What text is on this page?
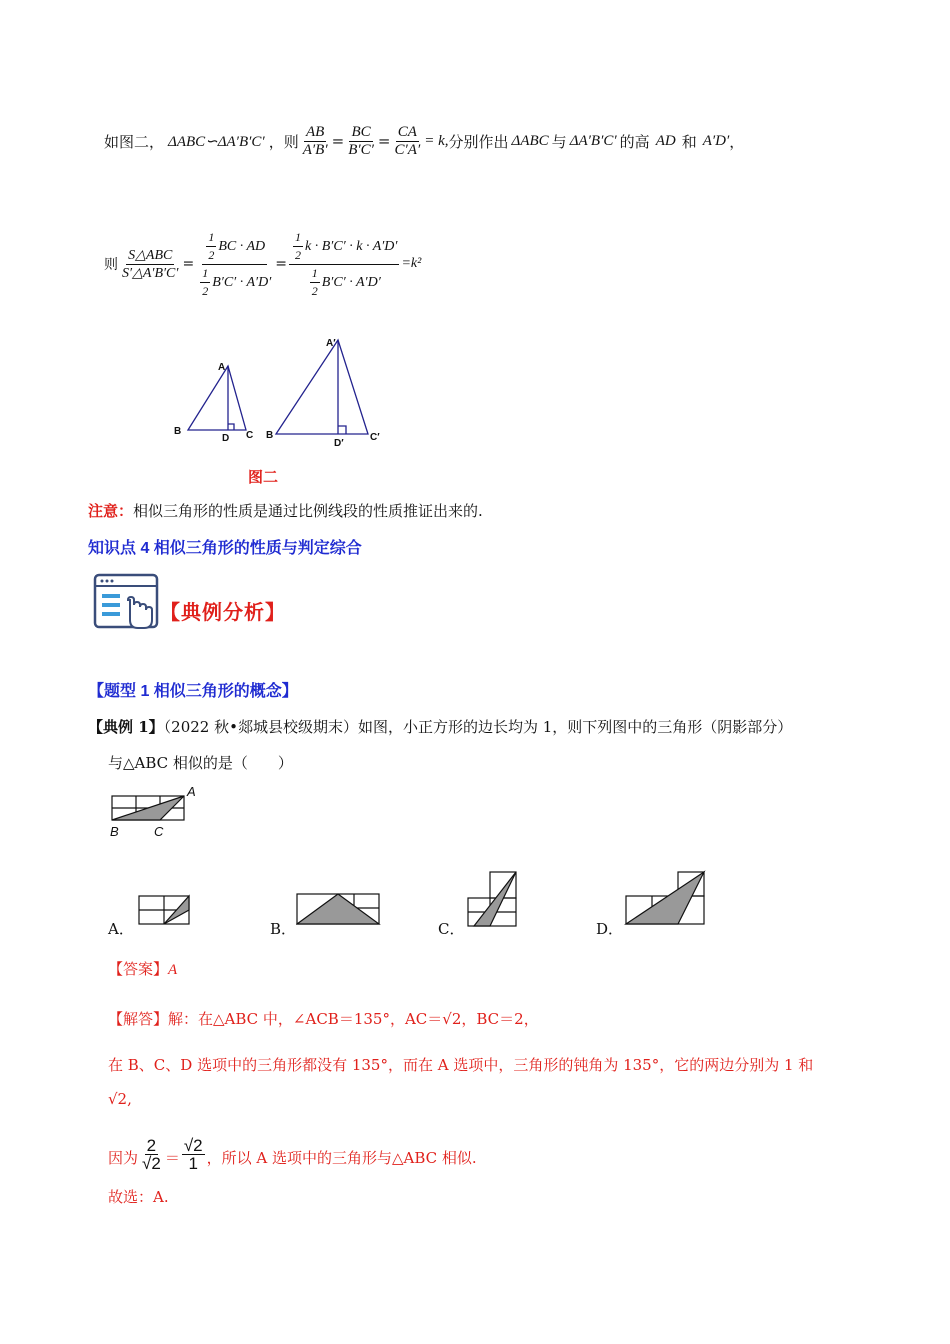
如图二， ΔABC∽ΔA′B′C′ ，则 $\frac{AB}{A'B'} = \frac{BC}{B'C'} = \frac{CA}{C'A'} = k$, 分别作出 ΔABC 与 ΔA′B′C′ 的高 AD 和 A′D′ ，
则 $\frac{\text{S△ABC}}{S'\triangle A'B'C'} = \frac{\frac{1}{2} BC \cdot AD}{\frac{1}{2} B'C' \cdot A'D'} = \frac{\frac{1}{2} k \cdot B'C' \cdot k \cdot A'D'}{\frac{1}{2} B'C' \cdot A'D'} =k^2$
A
B
D C
A′
B
D′
C′
图二
注意：相似三角形的性质是通过比例线段的性质推证出来的.
知识点 4 相似三角形的性质与判定综合
【典例分析】
【题型 1 相似三角形的概念】
【典例 1】（2022 秋•郯城县校级期末）如图，小正方形的边长均为 1，则下列图中的三角形（阴影部分）
与△ABC 相似的是（　　）
A
B	C
A．	B．	C．	D．
【答案】A
【解答】解：在△ABC 中，∠ACB＝135°，AC＝√2，BC＝2，
在 B、C、D 选项中的三角形都没有 135°，而在 A 选项中，三角形的钝角为 135°，它的两边分别为 1 和
√2,
因为 $\frac{2}{√2} = \frac{√2}{1}$ ，所以 A 选项中的三角形与△ABC 相似.
故选：A.
